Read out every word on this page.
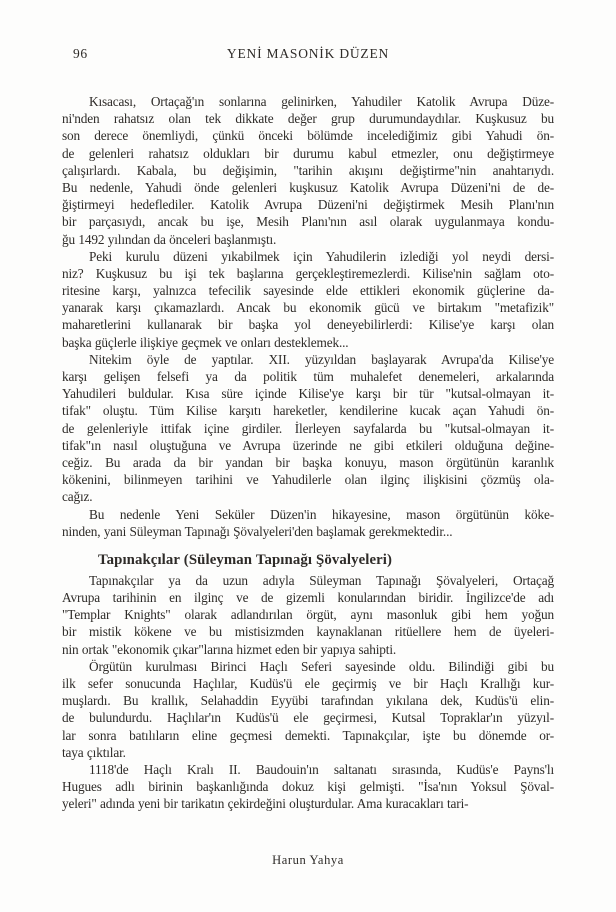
96	YENİ MASONİK DÜZEN
Kısacası, Ortaçağ'ın sonlarına gelinirken, Yahudiler Katolik Avrupa Düze-
ni'nden rahatsız olan tek dikkate değer grup durumundaydılar. Kuşkusuz bu
son derece önemliydi, çünkü önceki bölümde incelediğimiz gibi Yahudi ön-
de gelenleri rahatsız oldukları bir durumu kabul etmezler, onu değiştirmeye
çalışırlardı. Kabala, bu değişimin, "tarihin akışını değiştirme"nin anahtarıydı.
Bu nedenle, Yahudi önde gelenleri kuşkusuz Katolik Avrupa Düzeni'ni de de-
ğiştirmeyi hedeflediler. Katolik Avrupa Düzeni'ni değiştirmek Mesih Planı'nın
bir parçasıydı, ancak bu işe, Mesih Planı'nın asıl olarak uygulanmaya kondu-
ğu 1492 yılından da önceleri başlanmıştı.
Peki kurulu düzeni yıkabilmek için Yahudilerin izlediği yol neydi dersi-
niz? Kuşkusuz bu işi tek başlarına gerçekleştiremezlerdi. Kilise'nin sağlam oto-
ritesine karşı, yalnızca tefecilik sayesinde elde ettikleri ekonomik güçlerine da-
yanarak karşı çıkamazlardı. Ancak bu ekonomik gücü ve birtakım "metafizik"
maharetlerini kullanarak bir başka yol deneyebilirlerdi: Kilise'ye karşı olan
başka güçlerle ilişkiye geçmek ve onları desteklemek...
Nitekim öyle de yaptılar. XII. yüzyıldan başlayarak Avrupa'da Kilise'ye
karşı gelişen felsefi ya da politik tüm muhalefet denemeleri, arkalarında
Yahudileri buldular. Kısa süre içinde Kilise'ye karşı bir tür "kutsal-olmayan it-
tifak" oluştu. Tüm Kilise karşıtı hareketler, kendilerine kucak açan Yahudi ön-
de gelenleriyle ittifak içine girdiler. İlerleyen sayfalarda bu "kutsal-olmayan it-
tifak"ın nasıl oluştuğuna ve Avrupa üzerinde ne gibi etkileri olduğuna değine-
ceğiz. Bu arada da bir yandan bir başka konuyu, mason örgütünün karanlık
kökenini, bilinmeyen tarihini ve Yahudilerle olan ilginç ilişkisini çözmüş ola-
cağız.
Bu nedenle Yeni Seküler Düzen'in hikayesine, mason örgütünün köke-
ninden, yani Süleyman Tapınağı Şövalyeleri'den başlamak gerekmektedir...
Tapınakçılar (Süleyman Tapınağı Şövalyeleri)
Tapınakçılar ya da uzun adıyla Süleyman Tapınağı Şövalyeleri, Ortaçağ
Avrupa tarihinin en ilginç ve de gizemli konularından biridir. İngilizce'de adı
"Templar Knights" olarak adlandırılan örgüt, aynı masonluk gibi hem yoğun
bir mistik kökene ve bu mistisizmden kaynaklanan ritüellere hem de üyeleri-
nin ortak "ekonomik çıkar"larına hizmet eden bir yapıya sahipti.
Örgütün kurulması Birinci Haçlı Seferi sayesinde oldu. Bilindiği gibi bu
ilk sefer sonucunda Haçlılar, Kudüs'ü ele geçirmiş ve bir Haçlı Krallığı kur-
muşlardı. Bu krallık, Selahaddin Eyyübi tarafından yıkılana dek, Kudüs'ü elin-
de bulundurdu. Haçlılar'ın Kudüs'ü ele geçirmesi, Kutsal Topraklar'ın yüzyıl-
lar sonra batılıların eline geçmesi demekti. Tapınakçılar, işte bu dönemde or-
taya çıktılar.
1118'de Haçlı Kralı II. Baudouin'ın saltanatı sırasında, Kudüs'e Payns'lı
Hugues adlı birinin başkanlığında dokuz kişi gelmişti. "İsa'nın Yoksul Şöval-
yeleri" adında yeni bir tarikatın çekirdeğini oluşturdular. Ama kuracakları tari-
Harun Yahya
